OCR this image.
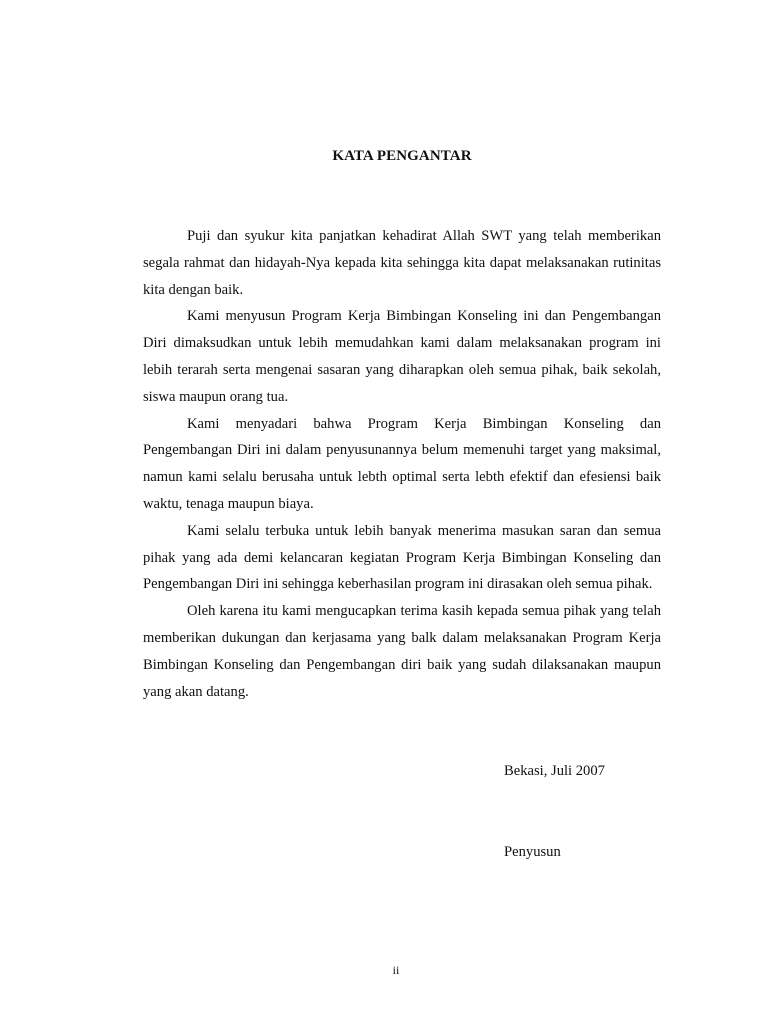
KATA PENGANTAR

Puji dan syukur kita panjatkan kehadirat Allah SWT yang telah memberikan segala rahmat dan hidayah-Nya kepada kita sehingga kita dapat melaksanakan rutinitas kita dengan baik.

Kami menyusun Program Kerja Bimbingan Konseling ini dan Pengembangan Diri dimaksudkan untuk lebih memudahkan kami dalam melaksanakan program ini lebih terarah serta mengenai sasaran yang diharapkan oleh semua pihak, baik sekolah, siswa maupun orang tua.

Kami menyadari bahwa Program Kerja Bimbingan Konseling dan Pengembangan Diri ini dalam penyusunannya belum memenuhi target yang maksimal, namun kami selalu berusaha untuk lebth optimal serta lebth efektif dan efesiensi baik waktu, tenaga maupun biaya.

Kami selalu terbuka untuk lebih banyak menerima masukan saran dan semua pihak yang ada demi kelancaran kegiatan Program Kerja Bimbingan Konseling dan Pengembangan Diri ini sehingga keberhasilan program ini dirasakan oleh semua pihak.

Oleh karena itu kami mengucapkan terima kasih kepada semua pihak yang telah memberikan dukungan dan kerjasama yang balk dalam melaksanakan Program Kerja Bimbingan Konseling dan Pengembangan diri baik yang sudah dilaksanakan maupun yang akan datang.

Bekasi, Juli 2007
Penyusun
ii
